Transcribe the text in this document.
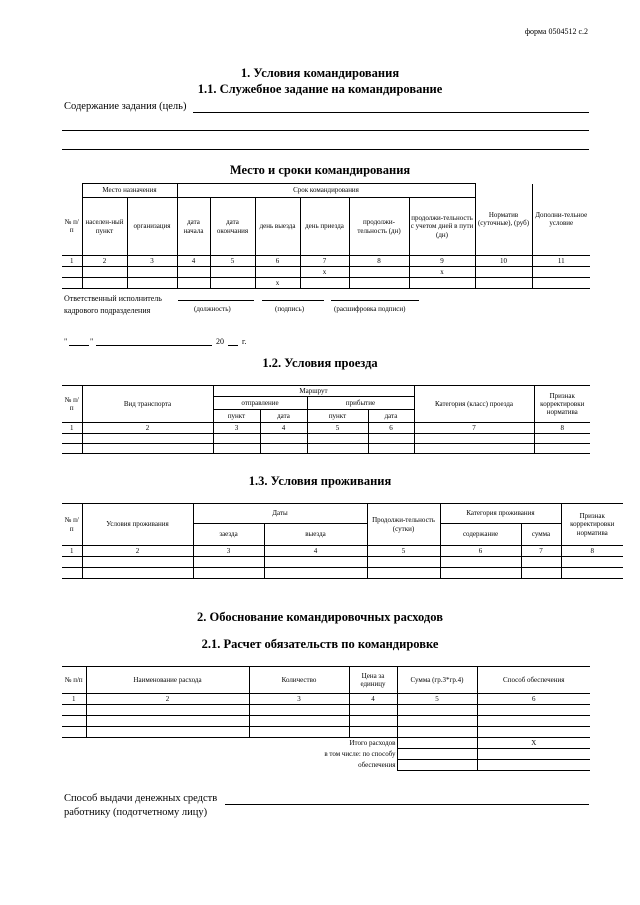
форма 0504512 с.2
1. Условия командирования
1.1. Служебное задание на командирование
Содержание задания (цель)
Место и сроки командирования
	Место назначения		Срок командирования						Норматив (суточные), (руб)	Дополни-тельное условие
№ п/п	населен-ный пункт	организация	дата начала	дата окончания	день выезда	день приезда	продолжи-тельность (дн)	продолжи-тельность с учетом дней в пути (дн)		
1	2	3	4	5	6	7	8	9	10	11
						x		x		
					x					
Ответственный исполнитель
кадрового подразделения	(должность)	(подпись)	(расшифровка подписи)
"	"	20 г.
1.2. Условия проезда
№ п/п	Вид транспорта	Маршрут				Категория (класс) проезда	Признак корректировки норматива
		отправление		прибытие			
		пункт	дата	пункт	дата		
1	2	3	4	5	6	7	8

1.3. Условия проживания
№ п/п	Условия проживания	Даты		Продолжи-тельность (сутки)	Категория проживания		Признак корректировки норматива
		заезда	выезда		содержание	сумма	
1	2	3	4	5	6	7	8

2. Обоснование командировочных расходов
2.1. Расчет обязательств по командировке
№ п/п	Наименование расхода	Количество	Цена за единицу	Сумма (гр.3*гр.4)	Способ обеспечения
1	2	3	4	5	6

Итого расходов					X
в том числе: по способу					
обеспечения					
Способ выдачи денежных средств
работнику (подотчетному лицу)
